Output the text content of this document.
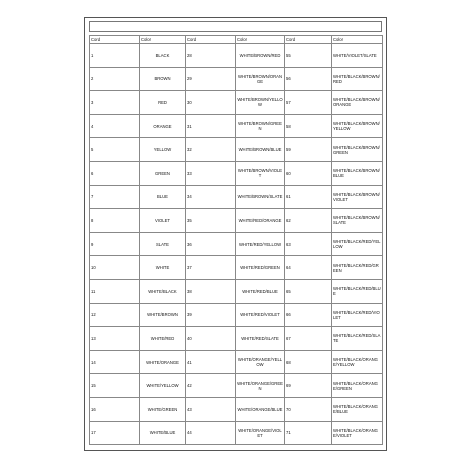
Cord	Color	Cord	Color	Cord	Color
1	BLACK	28	WHITE/BROWN/RED	55	WHITE/VIOLET/SLATE
2	BROWN	29	WHITE/BROWN/ORANGE	56	WHITE/BLACK/BROWN/RED
3	RED	30	WHITE/BROWN/YELLOW	57	WHITE/BLACK/BROWN/ORANGE
4	ORANGE	31	WHITE/BROWN/GREEN	58	WHITE/BLACK/BROWN/YELLOW
5	YELLOW	32	WHITE/BROWN/BLUE	59	WHITE/BLACK/BROWN/GREEN
6	GREEN	33	WHITE/BROWN/VIOLET	60	WHITE/BLACK/BROWN/BLUE
7	BLUE	34	WHITE/BROWN/SLATE	61	WHITE/BLACK/BROWN/VIOLET
8	VIOLET	35	WHITE/RED/ORANGE	62	WHITE/BLACK/BROWN/SLATE
9	SLATE	36	WHITE/RED/YELLOW	63	WHITE/BLACK/RED/YELLOW
10	WHITE	37	WHITE/RED/GREEN	64	WHITE/BLACK/RED/GREEN
11	WHITE/BLACK	38	WHITE/RED/BLUE	65	WHITE/BLACK/RED/BLUE
12	WHITE/BROWN	39	WHITE/RED/VIOLET	66	WHITE/BLACK/RED/VIOLET
13	WHITE/RED	40	WHITE/RED/SLATE	67	WHITE/BLACK/RED/SLATE
14	WHITE/ORANGE	41	WHITE/ORANGE/YELLOW	68	WHITE/BLACK/ORANGE/YELLOW
15	WHITE/YELLOW	42	WHITE/ORANGE/GREEN	69	WHITE/BLACK/ORANGE/GREEN
16	WHITE/GREEN	43	WHITE/ORANGE/BLUE	70	WHITE/BLACK/ORANGE/BLUE
17	WHITE/BLUE	44	WHITE/ORANGE/VIOLET	71	WHITE/BLACK/ORANGE/VIOLET
